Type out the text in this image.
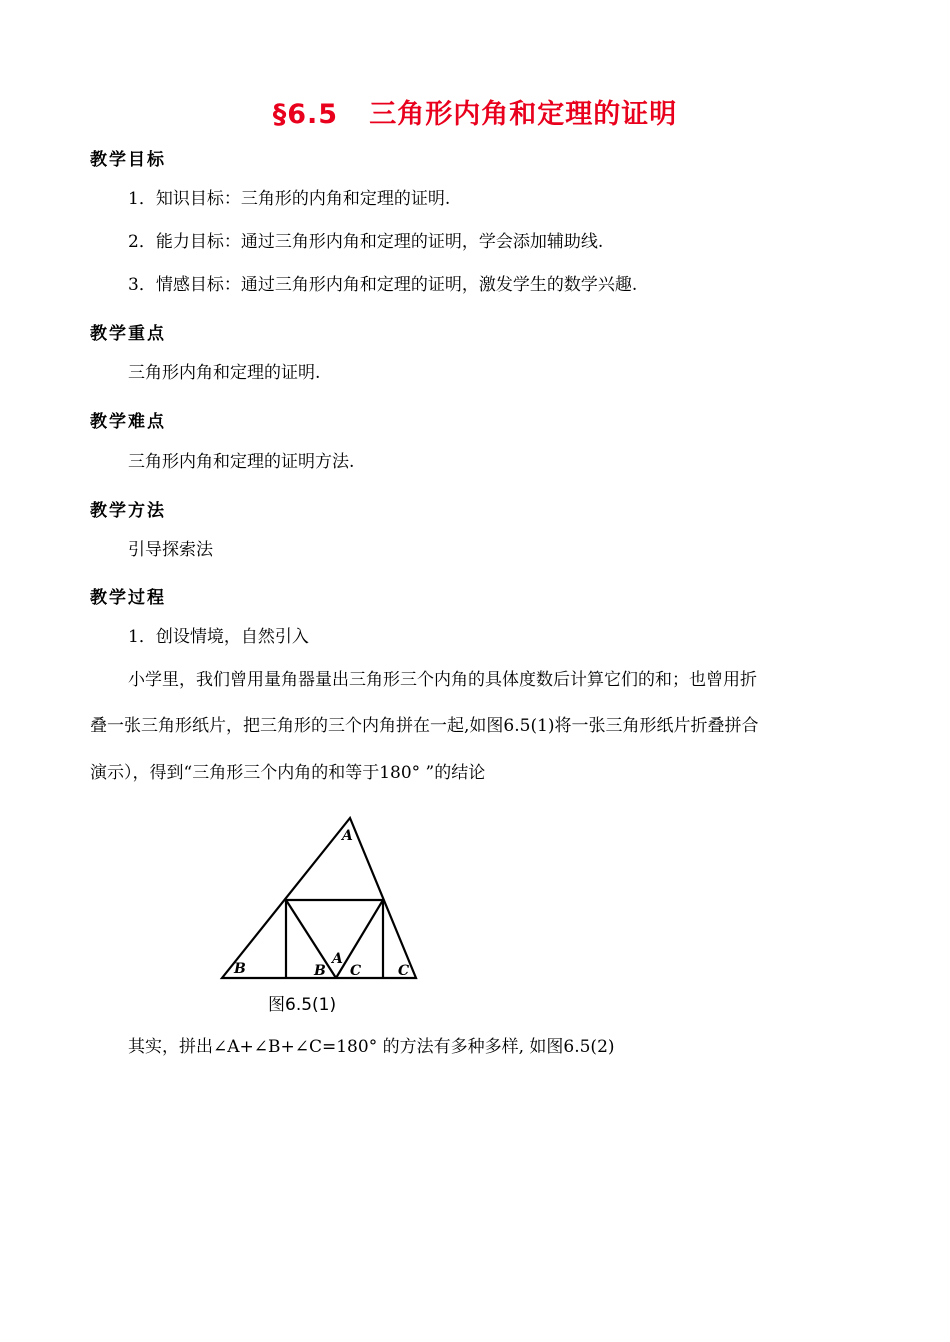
§6.5   三角形内角和定理的证明
教学目标
1．知识目标：三角形的内角和定理的证明.
2．能力目标：通过三角形内角和定理的证明，学会添加辅助线.
3．情感目标：通过三角形内角和定理的证明，激发学生的数学兴趣.
教学重点
三角形内角和定理的证明.
教学难点
三角形内角和定理的证明方法.
教学方法
引导探索法
教学过程
1．创设情境，自然引入
小学里，我们曾用量角器量出三角形三个内角的具体度数后计算它们的和；也曾用折
叠一张三角形纸片，把三角形的三个内角拼在一起,如图6.5(1)将一张三角形纸片折叠拼合
演示），得到“三角形三个内角的和等于180° ”的结论
A
B	B
A
C	C
图6.5(1)
其实，拼出∠A+∠B+∠C=180° 的方法有多种多样, 如图6.5(2)
